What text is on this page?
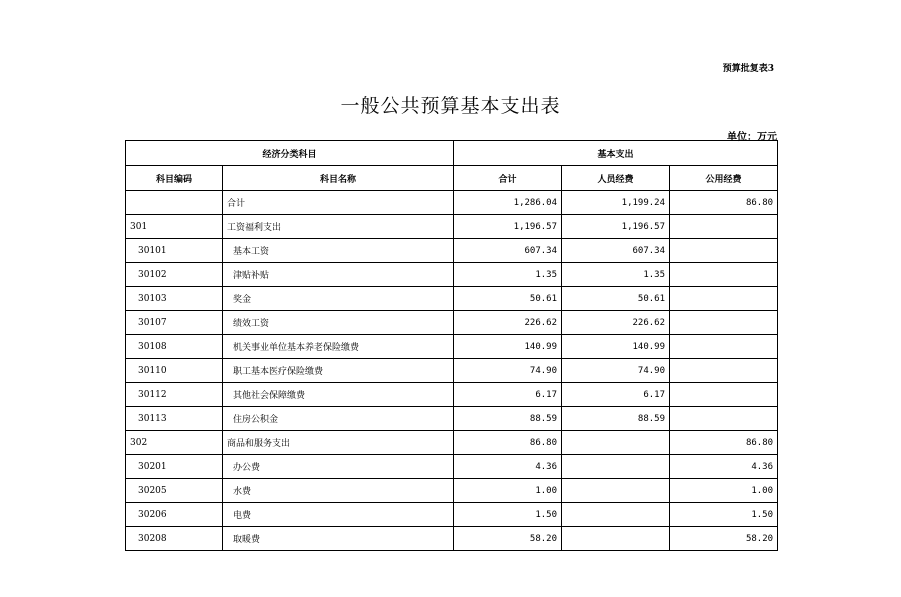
预算批复表3
一般公共预算基本支出表
单位：万元
经济分类科目		基本支出		
科目编码	科目名称	合计	人员经费	公用经费
	合计	1,286.04	1,199.24	86.80
301	工资福利支出	1,196.57	1,196.57	
30101	基本工资	607.34	607.34	
30102	津贴补贴	1.35	1.35	
30103	奖金	50.61	50.61	
30107	绩效工资	226.62	226.62	
30108	机关事业单位基本养老保险缴费	140.99	140.99	
30110	职工基本医疗保险缴费	74.90	74.90	
30112	其他社会保障缴费	6.17	6.17	
30113	住房公积金	88.59	88.59	
302	商品和服务支出	86.80		86.80
30201	办公费	4.36		4.36
30205	水费	1.00		1.00
30206	电费	1.50		1.50
30208	取暖费	58.20		58.20
